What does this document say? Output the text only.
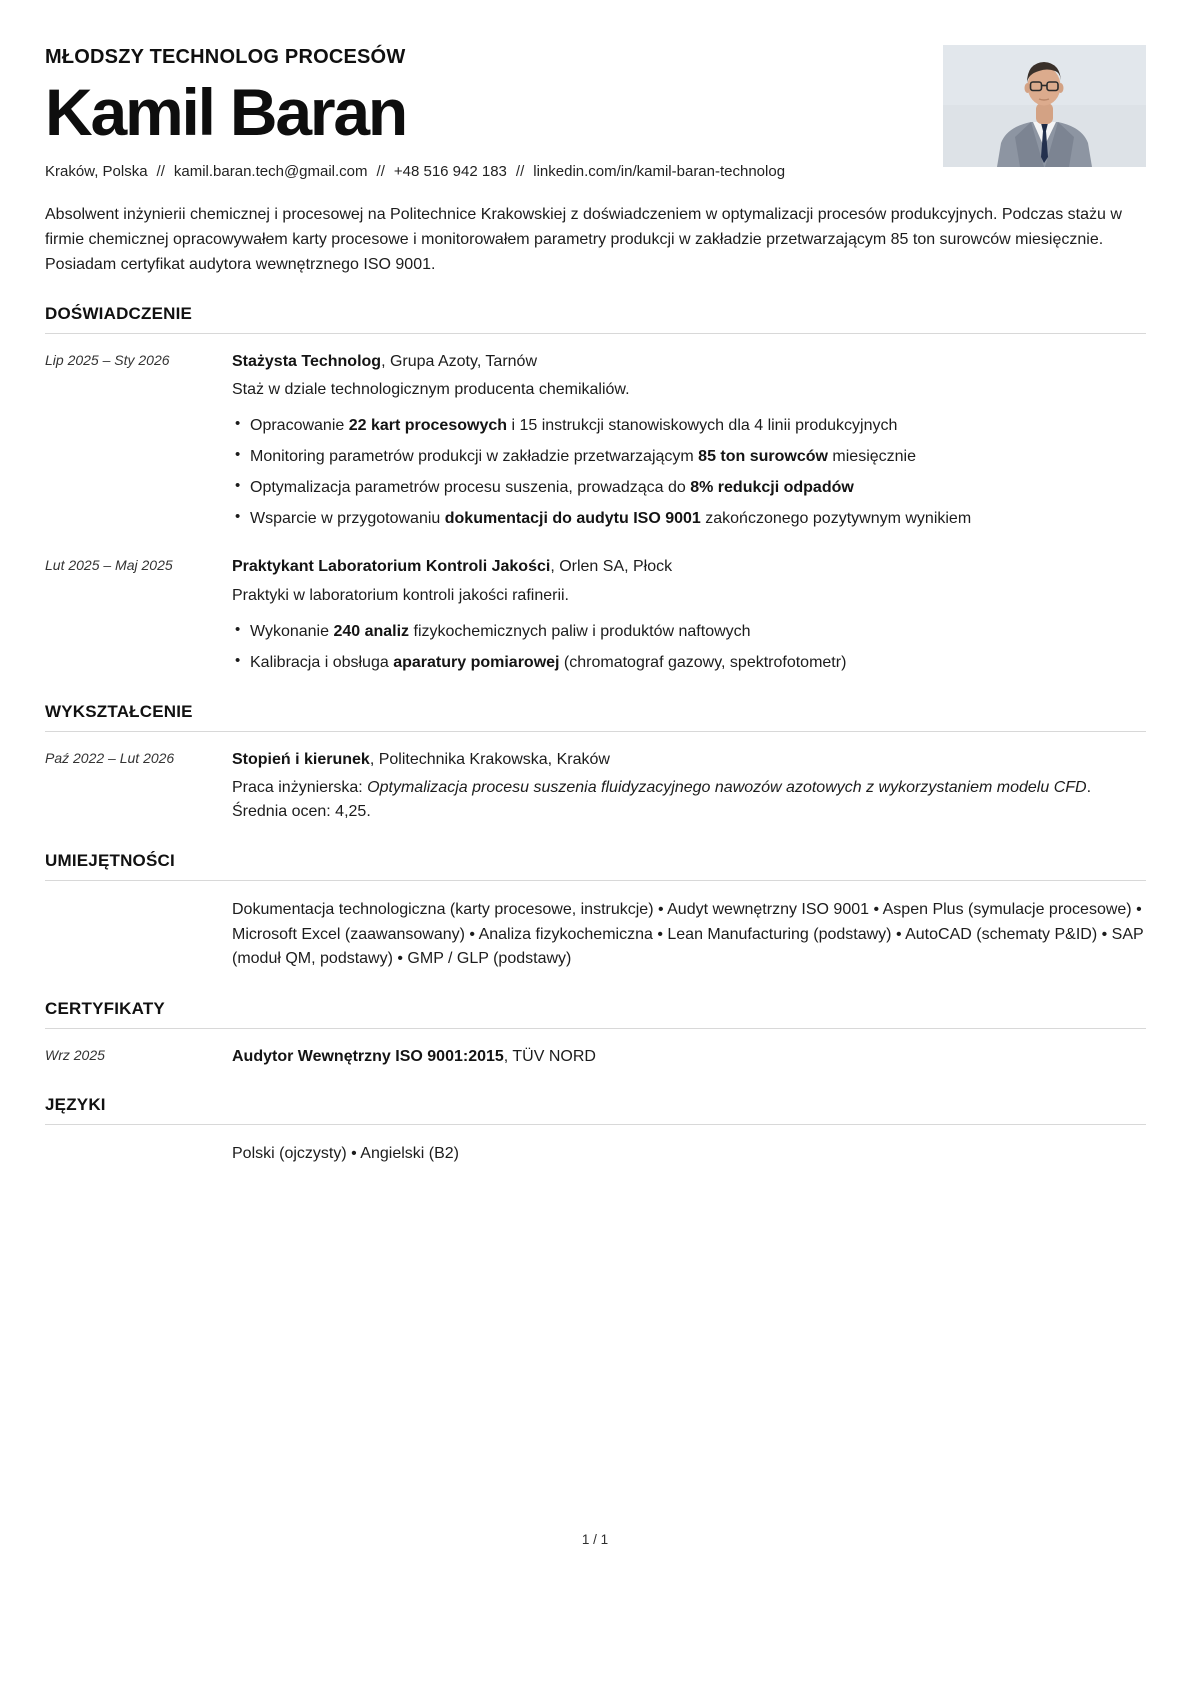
MŁODSZY TECHNOLOG PROCESÓW
Kamil Baran
Kraków, Polska // kamil.baran.tech@gmail.com // +48 516 942 183 // linkedin.com/in/kamil-baran-technolog

Absolwent inżynierii chemicznej i procesowej na Politechnice Krakowskiej z doświadczeniem w optymalizacji procesów produkcyjnych. Podczas stażu w firmie chemicznej opracowywałem karty procesowe i monitorowałem parametry produkcji w zakładzie przetwarzającym 85 ton surowców miesięcznie. Posiadam certyfikat audytora wewnętrznego ISO 9001.

DOŚWIADCZENIE
Lip 2025 – Sty 2026	Stażysta Technolog, Grupa Azoty, Tarnów

Staż w dziale technologicznym producenta chemikaliów.

• Opracowanie 22 kart procesowych i 15 instrukcji stanowiskowych dla 4 linii produkcyjnych
• Monitoring parametrów produkcji w zakładzie przetwarzającym 85 ton surowców miesięcznie
• Optymalizacja parametrów procesu suszenia, prowadząca do 8% redukcji odpadów
• Wsparcie w przygotowaniu dokumentacji do audytu ISO 9001 zakończonego pozytywnym wynikiem
Lut 2025 – Maj 2025	Praktykant Laboratorium Kontroli Jakości, Orlen SA, Płock

Praktyki w laboratorium kontroli jakości rafinerii.

• Wykonanie 240 analiz fizykochemicznych paliw i produktów naftowych
• Kalibracja i obsługa aparatury pomiarowej (chromatograf gazowy, spektrofotometr)
WYKSZTAŁCENIE
Paź 2022 – Lut 2026	Stopień i kierunek, Politechnika Krakowska, Kraków

Praca inżynierska: Optymalizacja procesu suszenia fluidyzacyjnego nawozów azotowych z wykorzystaniem modelu CFD. Średnia ocen: 4,25.

UMIEJĘTNOŚCI

Dokumentacja technologiczna (karty procesowe, instrukcje) • Audyt wewnętrzny ISO 9001 • Aspen Plus (symulacje procesowe) • Microsoft Excel (zaawansowany) • Analiza fizykochemiczna • Lean Manufacturing (podstawy) • AutoCAD (schematy P&ID) • SAP (moduł QM, podstawy) • GMP / GLP (podstawy)

CERTYFIKATY
Wrz 2025	Audytor Wewnętrzny ISO 9001:2015, TÜV NORD

JĘZYKI

Polski (ojczysty) • Angielski (B2)

1 / 1
